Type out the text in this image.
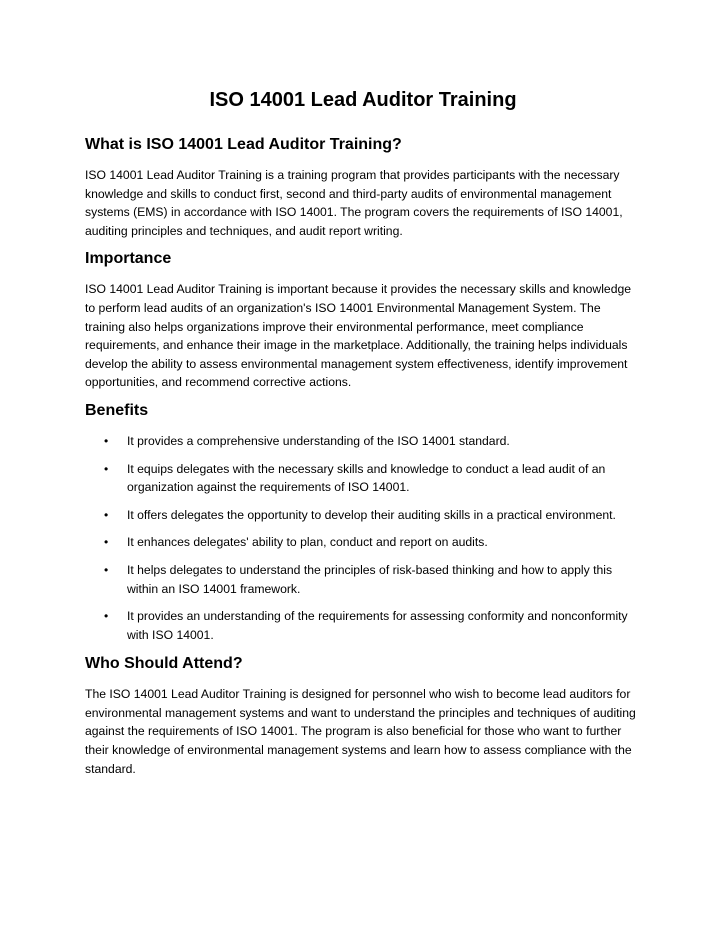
ISO 14001 Lead Auditor Training
What is ISO 14001 Lead Auditor Training?

ISO 14001 Lead Auditor Training is a training program that provides participants with the necessary knowledge and skills to conduct first, second and third-party audits of environmental management systems (EMS) in accordance with ISO 14001. The program covers the requirements of ISO 14001, auditing principles and techniques, and audit report writing.

Importance

ISO 14001 Lead Auditor Training is important because it provides the necessary skills and knowledge to perform lead audits of an organization's ISO 14001 Environmental Management System. The training also helps organizations improve their environmental performance, meet compliance requirements, and enhance their image in the marketplace. Additionally, the training helps individuals develop the ability to assess environmental management system effectiveness, identify improvement opportunities, and recommend corrective actions.

Benefits
• It provides a comprehensive understanding of the ISO 14001 standard.
• It equips delegates with the necessary skills and knowledge to conduct a lead audit of an organization against the requirements of ISO 14001.
• It offers delegates the opportunity to develop their auditing skills in a practical environment.
• It enhances delegates' ability to plan, conduct and report on audits.
• It helps delegates to understand the principles of risk-based thinking and how to apply this within an ISO 14001 framework.
• It provides an understanding of the requirements for assessing conformity and nonconformity with ISO 14001.
Who Should Attend?

The ISO 14001 Lead Auditor Training is designed for personnel who wish to become lead auditors for environmental management systems and want to understand the principles and techniques of auditing against the requirements of ISO 14001. The program is also beneficial for those who want to further their knowledge of environmental management systems and learn how to assess compliance with the standard.
